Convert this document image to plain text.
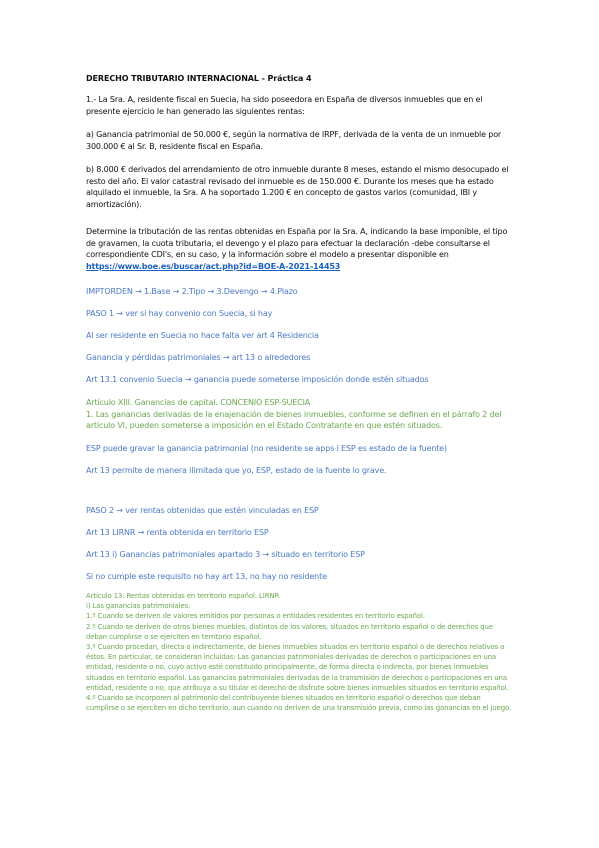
DERECHO TRIBUTARIO INTERNACIONAL - Práctica 4

1.- La Sra. A, residente fiscal en Suecia, ha sido poseedora en España de diversos inmuebles que en el presente ejercicio le han generado las siguientes rentas:

a) Ganancia patrimonial de 50.000 €, según la normativa de IRPF, derivada de la venta de un inmueble por 300.000 € al Sr. B, residente fiscal en España.

b) 8.000 € derivados del arrendamiento de otro inmueble durante 8 meses, estando el mismo desocupado el resto del año. El valor catastral revisado del inmueble es de 150.000 €. Durante los meses que ha estado alquilado el inmueble, la Sra. A ha soportado 1.200 € en concepto de gastos varios (comunidad, IBI y amortización).

Determine la tributación de las rentas obtenidas en España por la Sra. A, indicando la base imponible, el tipo de gravamen, la cuota tributaria, el devengo y el plazo para efectuar la declaración -debe consultarse el correspondiente CDI's, en su caso, y la información sobre el modelo a presentar disponible en https://www.boe.es/buscar/act.php?id=BOE-A-2021-14453

IMPTORDEN → 1.Base → 2.Tipo → 3.Devengo → 4.Plazo

PASO 1 → ver si hay convenio con Suecia, si hay

Al ser residente en Suecia no hace falta ver art 4 Residencia

Ganancia y pérdidas patrimoniales → art 13 o alrededores

Art 13.1 convenio Suecia → ganancia puede someterse imposición donde estén situados

Artículo XIII. Ganancias de capital. CONCENIO ESP-SUECIA
1. Las ganancias derivadas de la enajenación de bienes inmuebles, conforme se definen en el párrafo 2 del artículo VI, pueden someterse a imposición en el Estado Contratante en que estén situados.

ESP puede gravar la ganancia patrimonial (no residente se apps i ESP es estado de la fuente)

Art 13 permite de manera ilimitada que yo, ESP, estado de la fuente lo grave.

PASO 2 → ver rentas obtenidas que estén vinculadas en ESP

Art 13 LIRNR → renta obtenida en territorio ESP

Art 13 i) Ganancias patrimoniales apartado 3 → situado en territorio ESP

Si no cumple este requisito no hay art 13, no hay no residente

Artículo 13. Rentas obtenidas en territorio español. LIRNR
i) Las ganancias patrimoniales:
1.º Cuando se deriven de valores emitidos por personas o entidades residentes en territorio español.
2.º Cuando se deriven de otros bienes muebles, distintos de los valores, situados en territorio español o de derechos que deban cumplirse o se ejerciten en territorio español.
3.º Cuando procedan, directa o indirectamente, de bienes inmuebles situados en territorio español o de derechos relativos a éstos. En particular, se consideran incluidas: Las ganancias patrimoniales derivadas de derechos o participaciones en una entidad, residente o no, cuyo activo esté constituido principalmente, de forma directa o indirecta, por bienes inmuebles situados en territorio español. Las ganancias patrimoniales derivadas de la transmisión de derechos o participaciones en una entidad, residente o no, que atribuya a su titular el derecho de disfrute sobre bienes inmuebles situados en territorio español.
4.º Cuando se incorporen al patrimonio del contribuyente bienes situados en territorio español o derechos que deban cumplirse o se ejerciten en dicho territorio, aun cuando no deriven de una transmisión previa, como las ganancias en el juego.
